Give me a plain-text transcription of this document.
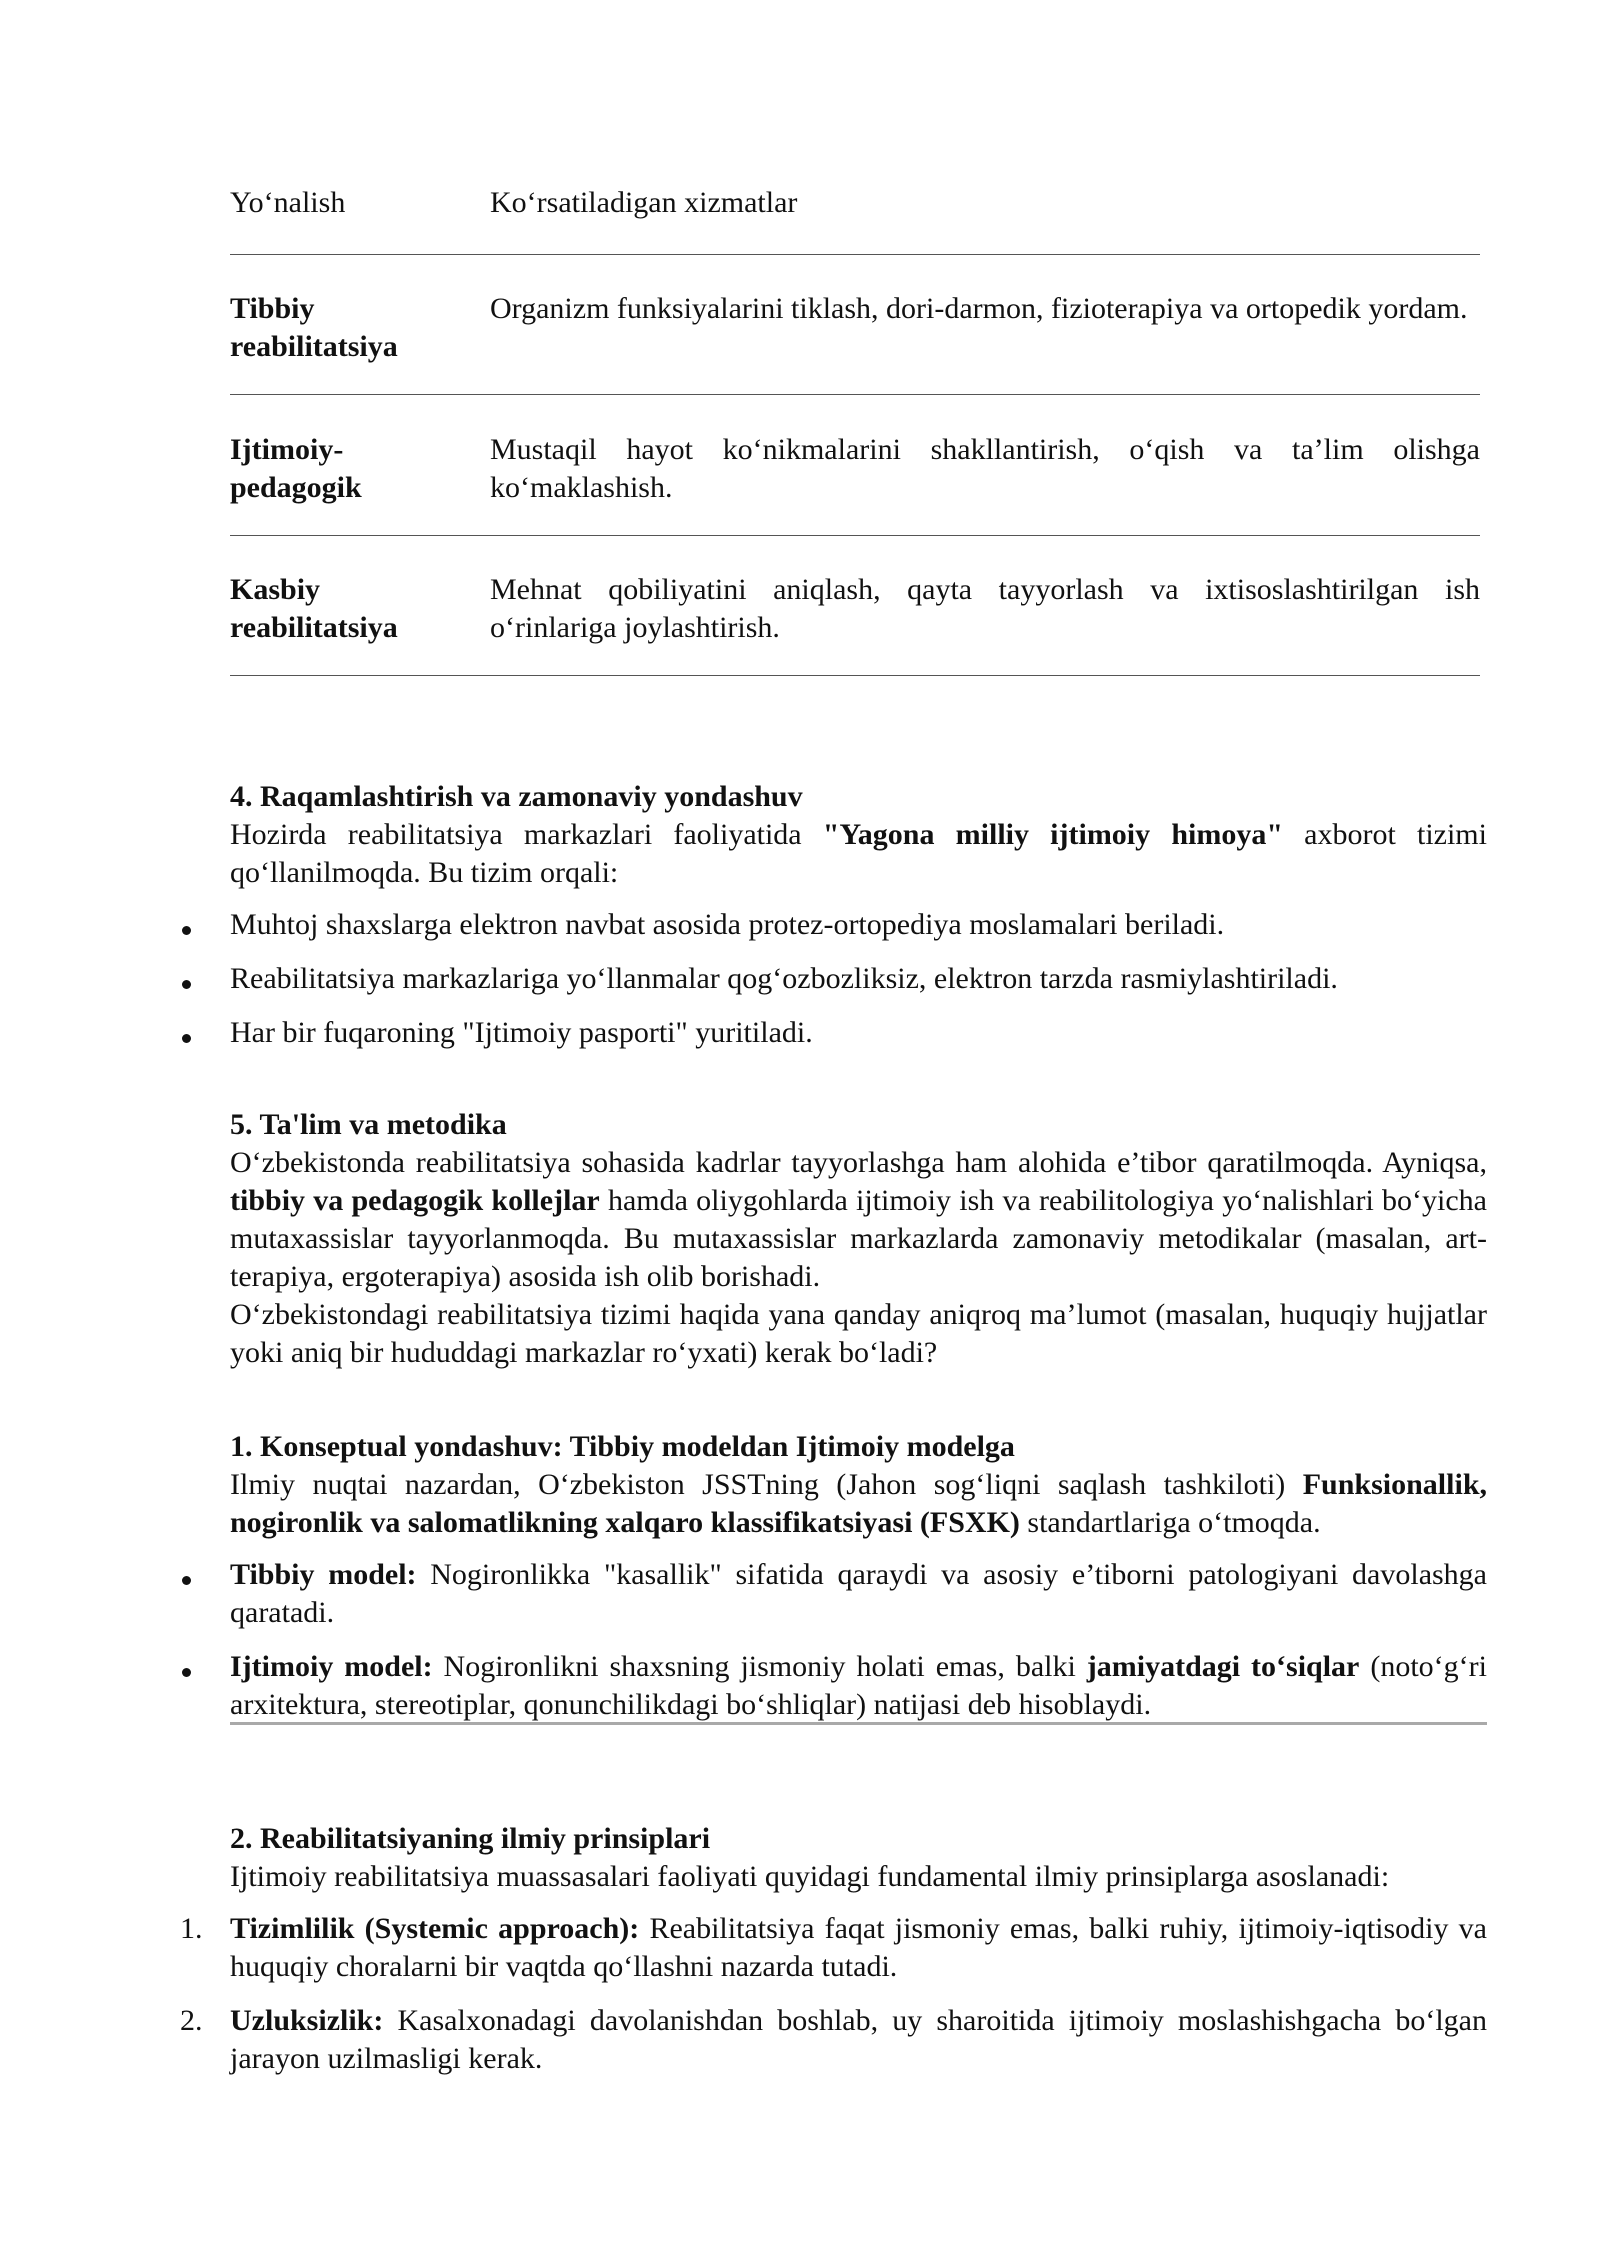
Yo‘nalish	Ko‘rsatiladigan xizmatlar

Tibbiy

reabilitatsiya

Organizm funksiyalarini tiklash, dori-darmon, fizioterapiya va ortopedik yordam.

Ijtimoiy-

pedagogik

Mustaqil hayot ko‘nikmalarini shakllantirish, o‘qish va ta’lim olishga ko‘maklashish.

Kasbiy

reabilitatsiya

Mehnat qobiliyatini aniqlash, qayta tayyorlash va ixtisoslashtirilgan ish o‘rinlariga joylashtirish.

4. Raqamlashtirish va zamonaviy yondashuv

Hozirda reabilitatsiya markazlari faoliyatida "Yagona milliy ijtimoiy himoya" axborot tizimi qo‘llanilmoqda. Bu tizim orqali:

Muhtoj shaxslarga elektron navbat asosida protez-ortopediya moslamalari beriladi.

Reabilitatsiya markazlariga yo‘llanmalar qog‘ozbozliksiz, elektron tarzda rasmiylashtiriladi.

Har bir fuqaroning "Ijtimoiy pasporti" yuritiladi.

5. Ta'lim va metodika

O‘zbekistonda reabilitatsiya sohasida kadrlar tayyorlashga ham alohida e’tibor qaratilmoqda. Ayniqsa, tibbiy va pedagogik kollejlar hamda oliygohlarda ijtimoiy ish va reabilitologiya yo‘nalishlari bo‘yicha mutaxassislar tayyorlanmoqda. Bu mutaxassislar markazlarda zamonaviy metodikalar (masalan, art-terapiya, ergoterapiya) asosida ish olib borishadi.

O‘zbekistondagi reabilitatsiya tizimi haqida yana qanday aniqroq ma’lumot (masalan, huquqiy hujjatlar yoki aniq bir hududdagi markazlar ro‘yxati) kerak bo‘ladi?

1. Konseptual yondashuv: Tibbiy modeldan Ijtimoiy modelga

Ilmiy nuqtai nazardan, O‘zbekiston JSSTning (Jahon sog‘liqni saqlash tashkiloti) Funksionallik, nogironlik va salomatlikning xalqaro klassifikatsiyasi (FSXK) standartlariga o‘tmoqda.

Tibbiy model: Nogironlikka "kasallik" sifatida qaraydi va asosiy e’tiborni patologiyani davolashga qaratadi.

Ijtimoiy model: Nogironlikni shaxsning jismoniy holati emas, balki jamiyatdagi to‘siqlar (noto‘g‘ri arxitektura, stereotiplar, qonunchilikdagi bo‘shliqlar) natijasi deb hisoblaydi.

2. Reabilitatsiyaning ilmiy prinsiplari

Ijtimoiy reabilitatsiya muassasalari faoliyati quyidagi fundamental ilmiy prinsiplarga asoslanadi:

1. Tizimlilik (Systemic approach): Reabilitatsiya faqat jismoniy emas, balki ruhiy, ijtimoiy-iqtisodiy va huquqiy choralarni bir vaqtda qo‘llashni nazarda tutadi.

2. Uzluksizlik: Kasalxonadagi davolanishdan boshlab, uy sharoitida ijtimoiy moslashishgacha bo‘lgan jarayon uzilmasligi kerak.
